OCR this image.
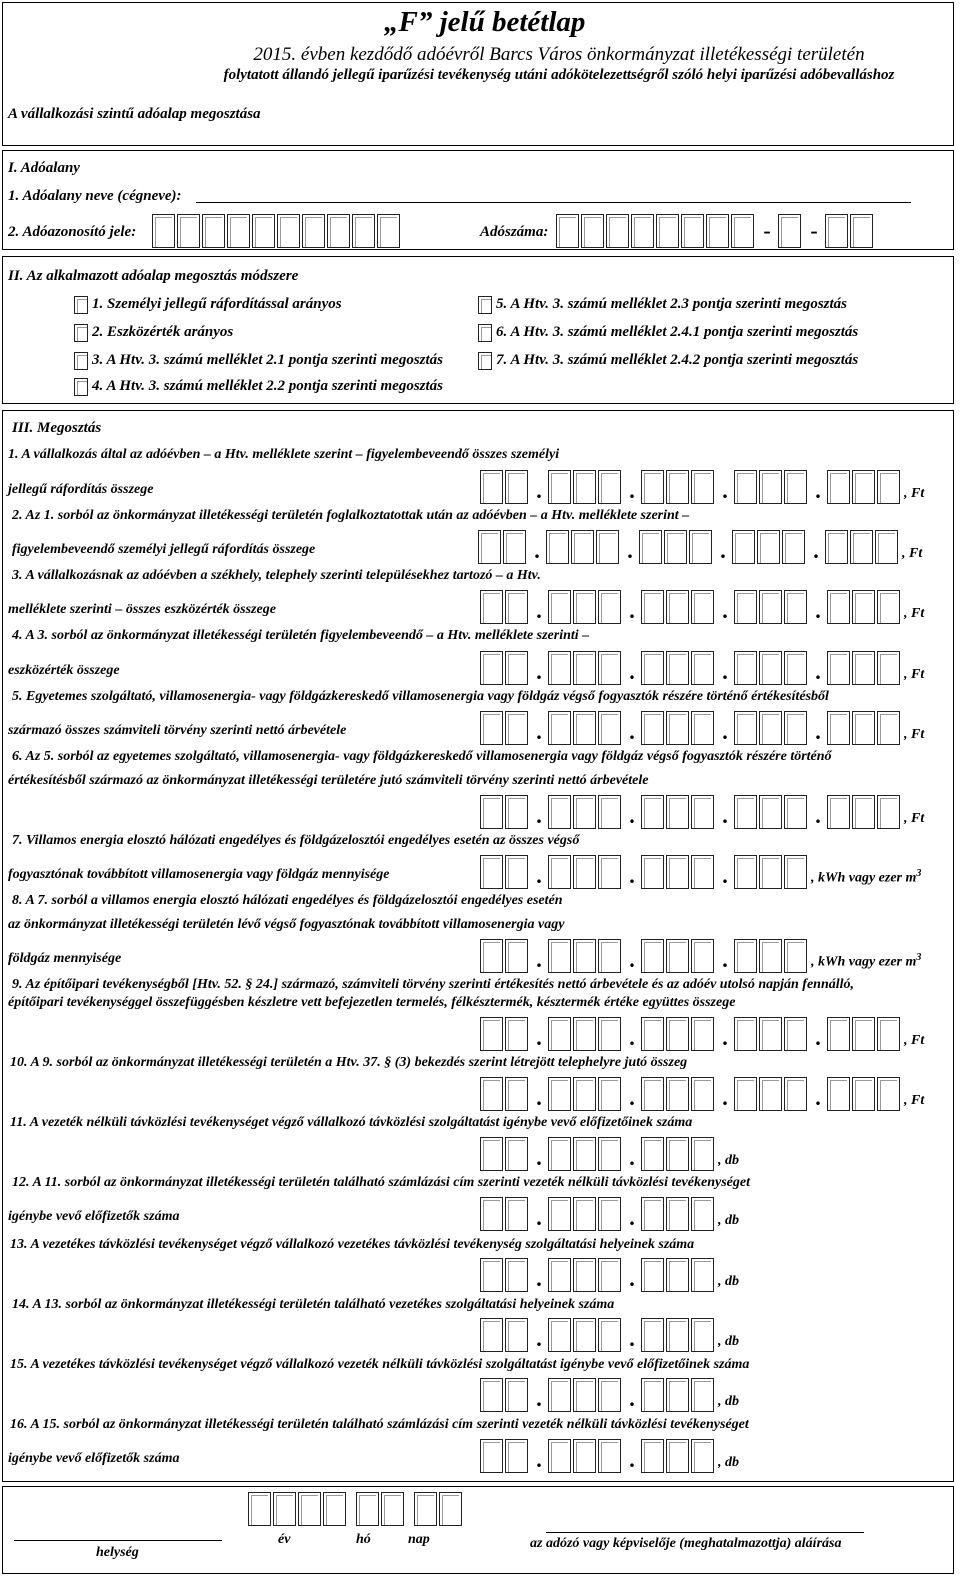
„F” jelű betétlap
2015. évben kezdődő adóévről Barcs Város önkormányzat illetékességi területén
folytatott állandó jellegű iparűzési tevékenység utáni adókötelezettségről szóló helyi iparűzési adóbevalláshoz
A vállalkozási szintű adóalap megosztása
I. Adóalany
1. Adóalany neve (cégneve):
2. Adóazonosító jele:	Adószáma:	-	-
II. Az alkalmazott adóalap megosztás módszere
1. Személyi jellegű ráfordítással arányos
2. Eszközérték arányos
3. A Htv. 3. számú melléklet 2.1 pontja szerinti megosztás
4. A Htv. 3. számú melléklet 2.2 pontja szerinti megosztás
5. A Htv. 3. számú melléklet 2.3 pontja szerinti megosztás
6. A Htv. 3. számú melléklet 2.4.1 pontja szerinti megosztás
7. A Htv. 3. számú melléklet 2.4.2 pontja szerinti megosztás
III. Megosztás
1. A vállalkozás által az adóévben – a Htv. melléklete szerint – figyelembeveendő összes személyi
jellegű ráfordítás összege	.	.	.	.	, Ft
2. Az 1. sorból az önkormányzat illetékességi területén foglalkoztatottak után az adóévben – a Htv. melléklete szerint –
figyelembeveendő személyi jellegű ráfordítás összege	.	.	.	.	, Ft
3. A vállalkozásnak az adóévben a székhely, telephely szerinti településekhez tartozó – a Htv.
melléklete szerinti – összes eszközérték összege	.	.	.	.	, Ft
4. A 3. sorból az önkormányzat illetékességi területén figyelembeveendő – a Htv. melléklete szerinti –
eszközérték összege	.	.	.	.	, Ft
5. Egyetemes szolgáltató, villamosenergia- vagy földgázkereskedő villamosenergia vagy földgáz végső fogyasztók részére történő értékesítésből
származó összes számviteli törvény szerinti nettó árbevétele	.	.	.	.	, Ft
6. Az 5. sorból az egyetemes szolgáltató, villamosenergia- vagy földgázkereskedő villamosenergia vagy földgáz végső fogyasztók részére történő
értékesítésből származó az önkormányzat illetékességi területére jutó számviteli törvény szerinti nettó árbevétele
.	.	.	.	, Ft
7. Villamos energia elosztó hálózati engedélyes és földgázelosztói engedélyes esetén az összes végső
fogyasztónak továbbított villamosenergia vagy földgáz mennyisége	.	.	.	, kWh vagy ezer $m^3$
8. A 7. sorból a villamos energia elosztó hálózati engedélyes és földgázelosztói engedélyes esetén
az önkormányzat illetékességi területén lévő végső fogyasztónak továbbított villamosenergia vagy
földgáz mennyisége	.	.	.	, kWh vagy ezer $m^3$
9. Az építőipari tevékenységből [Htv. 52. § 24.] származó, számviteli törvény szerinti értékesítés nettó árbevétele és az adóév utolsó napján fennálló,
építőipari tevékenységgel összefüggésben készletre vett befejezetlen termelés, félkésztermék, késztermék értéke együttes összege
.	.	.	.	, Ft
10. A 9. sorból az önkormányzat illetékességi területén a Htv. 37. § (3) bekezdés szerint létrejött telephelyre jutó összeg
.	.	.	.	, Ft
11. A vezeték nélküli távközlési tevékenységet végző vállalkozó távközlési szolgáltatást igénybe vevő előfizetőinek száma
.	.	, db
12. A 11. sorból az önkormányzat illetékességi területén található számlázási cím szerinti vezeték nélküli távközlési tevékenységet
igénybe vevő előfizetők száma	.	.	, db
13. A vezetékes távközlési tevékenységet végző vállalkozó vezetékes távközlési tevékenység szolgáltatási helyeinek száma
.	.	, db
14. A 13. sorból az önkormányzat illetékességi területén található vezetékes szolgáltatási helyeinek száma
.	.	, db
15. A vezetékes távközlési tevékenységet végző vállalkozó vezeték nélküli távközlési szolgáltatást igénybe vevő előfizetőinek száma
.	.	, db
16. A 15. sorból az önkormányzat illetékességi területén található számlázási cím szerinti vezeték nélküli távközlési tevékenységet
igénybe vevő előfizetők száma	.	.	, db
helység
év	hó	nap	az adózó vagy képviselője (meghatalmazottja) aláírása
